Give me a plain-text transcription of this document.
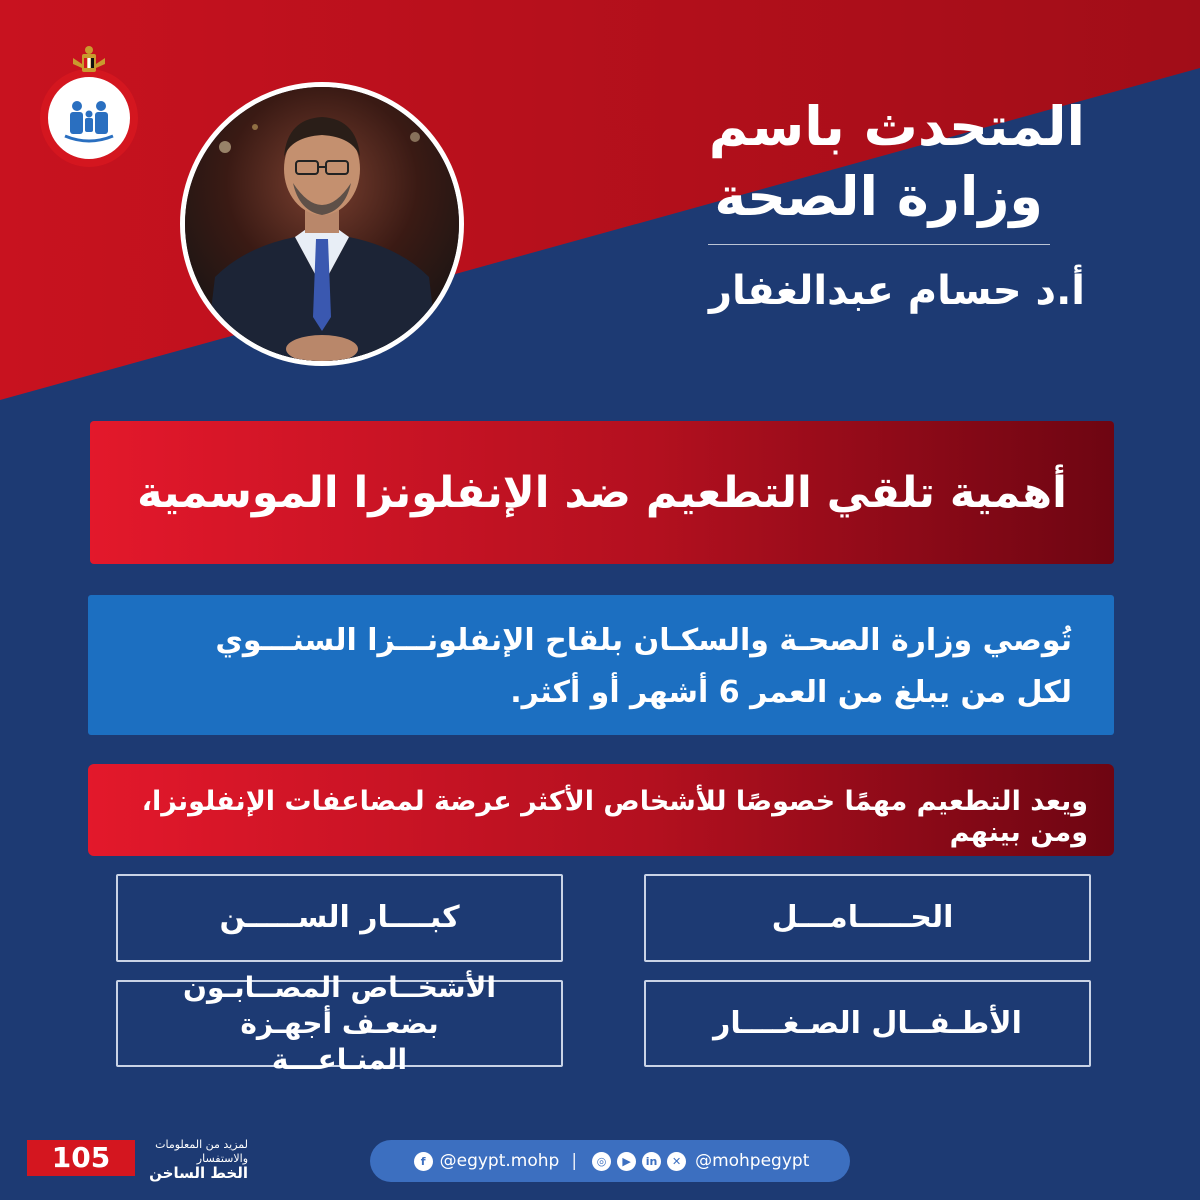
المتحدث باسم
وزارة الصحة
أ.د حسام عبدالغفار
أهمية تلقي التطعيم ضد الإنفلونزا الموسمية
تُوصي وزارة الصحـة والسكـان بلقاح الإنفلونـــزا السنـــوي
لكل من يبلغ من العمر 6 أشهر أو أكثر.
ويعد التطعيم مهمًا خصوصًا للأشخاص الأكثر عرضة لمضاعفات الإنفلونزا، ومن بينهم
الحـــــامـــل
كبــــار الســـــن
الأطـفــال الصـغــــار
الأشخــاص المصــابـون
بضعـف أجهـزة المنـاعـــة
105	لمزيد من المعلومات والاستفسار
الخط الساخن
f @egypt.mohp |	◎	▶	in	✕ @mohpegypt
